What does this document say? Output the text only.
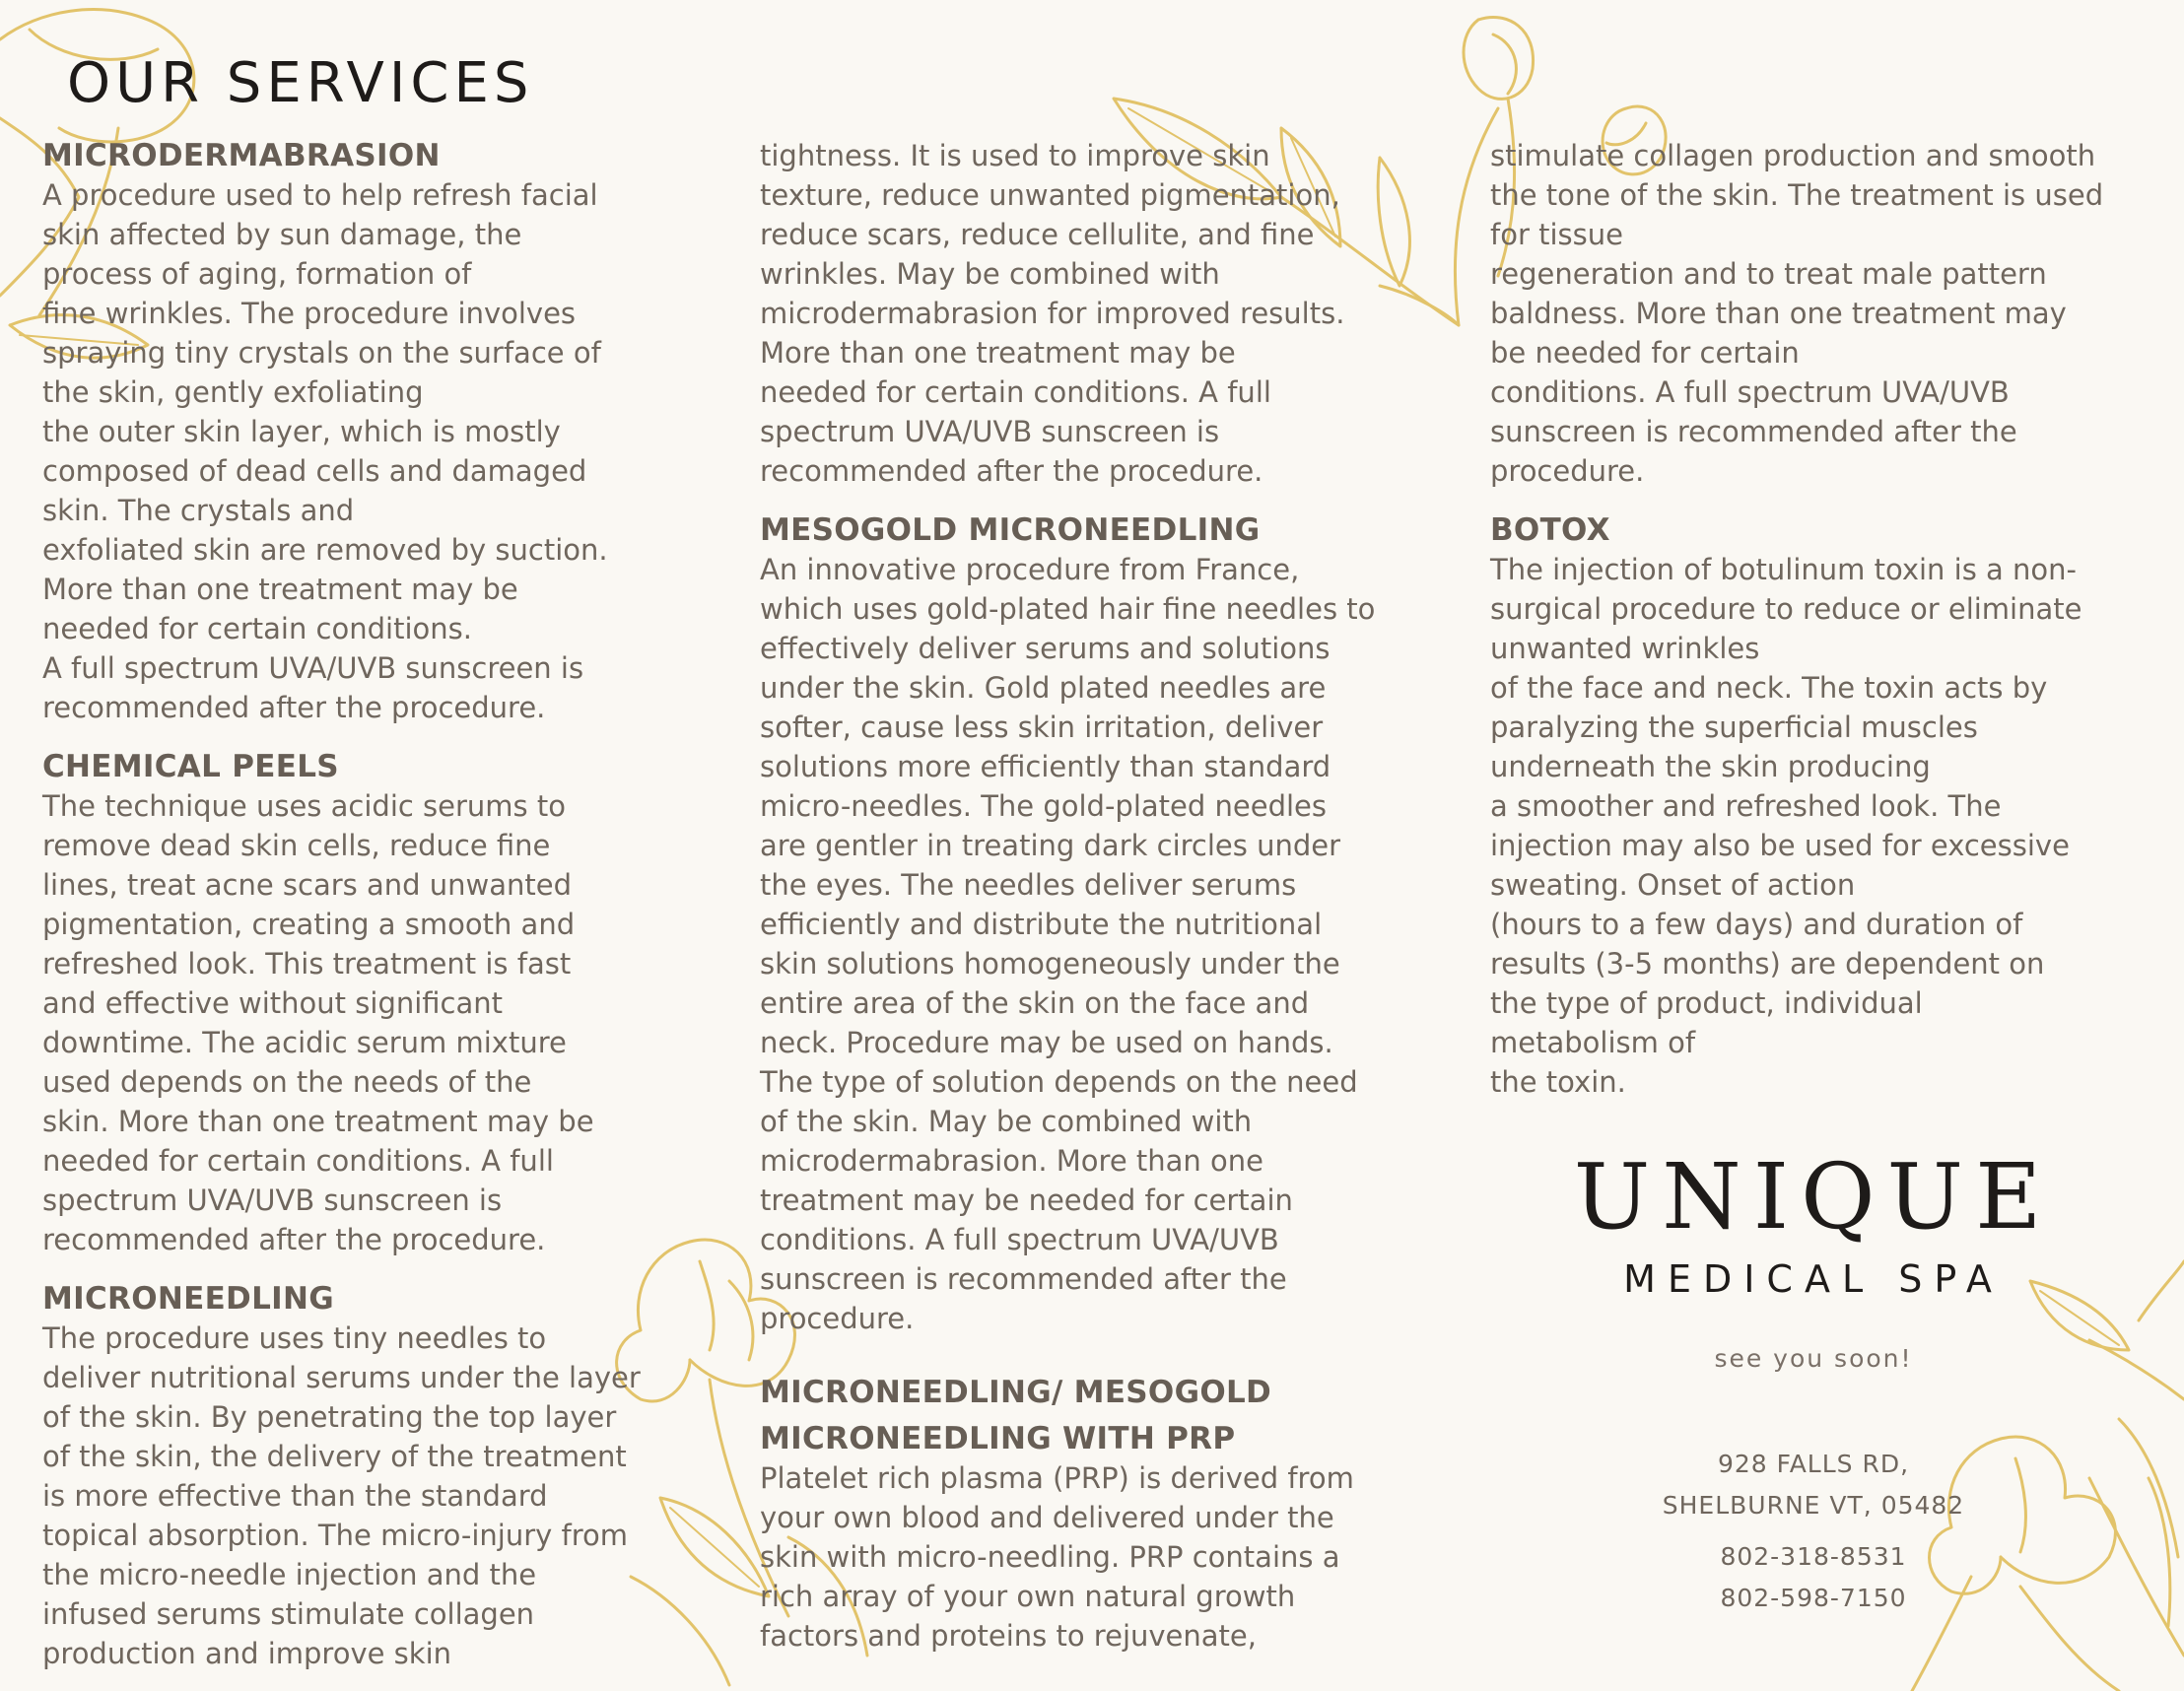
OUR SERVICES
MICRODERMABRASION

A procedure used to help refresh facial
skin affected by sun damage, the
process of aging, formation of
fine wrinkles. The procedure involves
spraying tiny crystals on the surface of
the skin, gently exfoliating
the outer skin layer, which is mostly
composed of dead cells and damaged
skin. The crystals and
exfoliated skin are removed by suction.
More than one treatment may be
needed for certain conditions.
A full spectrum UVA/UVB sunscreen is
recommended after the procedure.

CHEMICAL PEELS

The technique uses acidic serums to
remove dead skin cells, reduce fine
lines, treat acne scars and unwanted
pigmentation, creating a smooth and
refreshed look. This treatment is fast
and effective without significant
downtime. The acidic serum mixture
used depends on the needs of the
skin. More than one treatment may be
needed for certain conditions. A full
spectrum UVA/UVB sunscreen is
recommended after the procedure.

MICRONEEDLING

The procedure uses tiny needles to
deliver nutritional serums under the layer
of the skin. By penetrating the top layer
of the skin, the delivery of the treatment
is more effective than the standard
topical absorption. The micro-injury from
the micro-needle injection and the
infused serums stimulate collagen
production and improve skin

tightness. It is used to improve skin
texture, reduce unwanted pigmentation,
reduce scars, reduce cellulite, and fine
wrinkles. May be combined with
microdermabrasion for improved results.
More than one treatment may be
needed for certain conditions. A full
spectrum UVA/UVB sunscreen is
recommended after the procedure.

MESOGOLD MICRONEEDLING

An innovative procedure from France,
which uses gold-plated hair fine needles to
effectively deliver serums and solutions
under the skin. Gold plated needles are
softer, cause less skin irritation, deliver
solutions more efficiently than standard
micro-needles. The gold-plated needles
are gentler in treating dark circles under
the eyes. The needles deliver serums
efficiently and distribute the nutritional
skin solutions homogeneously under the
entire area of the skin on the face and
neck. Procedure may be used on hands.
The type of solution depends on the need
of the skin. May be combined with
microdermabrasion. More than one
treatment may be needed for certain
conditions. A full spectrum UVA/UVB
sunscreen is recommended after the
procedure.

MICRONEEDLING/ MESOGOLD
MICRONEEDLING WITH PRP

Platelet rich plasma (PRP) is derived from
your own blood and delivered under the
skin with micro-needling. PRP contains a
rich array of your own natural growth
factors and proteins to rejuvenate,

stimulate collagen production and smooth
the tone of the skin. The treatment is used
for tissue
regeneration and to treat male pattern
baldness. More than one treatment may
be needed for certain
conditions. A full spectrum UVA/UVB
sunscreen is recommended after the
procedure.

BOTOX

The injection of botulinum toxin is a non-
surgical procedure to reduce or eliminate
unwanted wrinkles
of the face and neck. The toxin acts by
paralyzing the superficial muscles
underneath the skin producing
a smoother and refreshed look. The
injection may also be used for excessive
sweating. Onset of action
(hours to a few days) and duration of
results (3-5 months) are dependent on
the type of product, individual
metabolism of
the toxin.

UNIQUE
MEDICAL SPA
see you soon!
928 FALLS RD,
SHELBURNE VT, 05482
802-318-8531
802-598-7150
